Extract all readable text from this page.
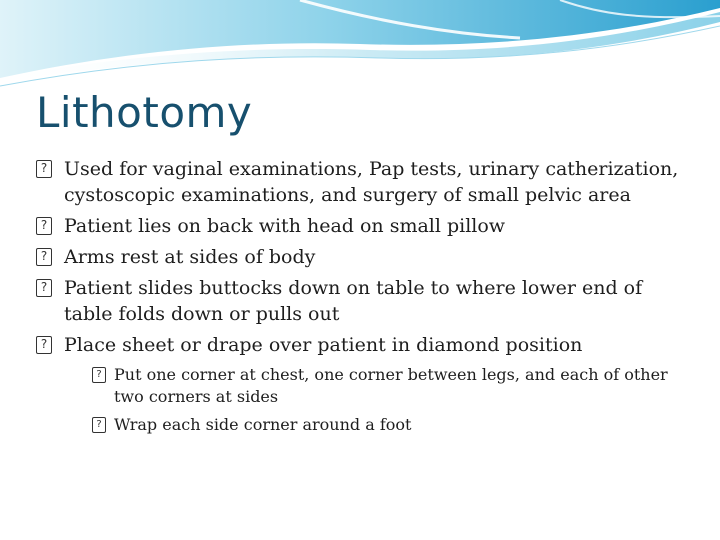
Lithotomy
? Used for vaginal examinations, Pap tests, urinary catherization, cystoscopic examinations, and surgery of small pelvic area
? Patient lies on back with head on small pillow
? Arms rest at sides of body
? Patient slides buttocks down on table to where lower end of table folds down or pulls out
? Place sheet or drape over patient in diamond position
? Put one corner at chest, one corner between legs, and each of other two corners at sides
? Wrap each side corner around a foot
